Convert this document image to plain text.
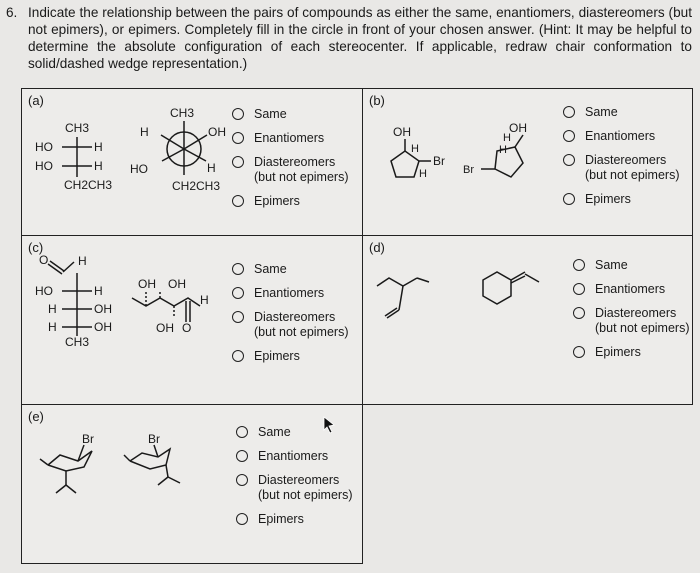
6. Indicate the relationship between the pairs of compounds as either the same, enantiomers, diastereomers (but not epimers), or epimers. Completely fill in the circle in front of your chosen answer. (Hint: It may be helpful to determine the absolute configuration of each stereocenter. If applicable, redraw chair conformation to solid/dashed wedge representation.)
(a)
CH3
HO	H
HO	H
CH2CH3
CH3
H	OH
HO	H
CH2CH3
Same
Enantiomers
Diastereomers
(but not epimers)
Epimers
(b)
OH
H
Br
H
OH
H
H
Br
Same
Enantiomers
Diastereomers
(but not epimers)
Epimers
(c)
O H
HO	H
H	OH
H	OH
CH3
OH OH
H
OH O
Same
Enantiomers
Diastereomers
(but not epimers)
Epimers
(d)
Same
Enantiomers
Diastereomers
(but not epimers)
Epimers
(e)
Br	Br	Same
Enantiomers
Diastereomers
(but not epimers)
Epimers
